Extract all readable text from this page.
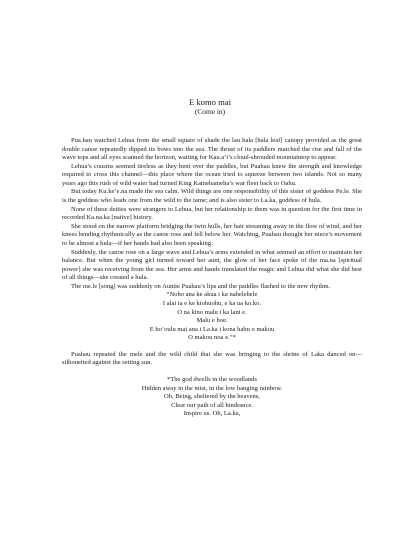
E komo mai
(Come in)

Pua.hau watched Lehua from the small square of shade the lau hala [hala leaf] canopy provided as the great double canoe repeatedly dipped its bows into the sea. The thrust of its paddlers matched the rise and fall of the wave tops and all eyes scanned the horizon, waiting for Kau.a’i’s cloud-shrouded mountaintop to appear.

Lehua’s cousins seemed tireless as they bent over the paddles, but Puahau knew the strength and knowledge required to cross this channel—this place where the ocean tried to squeeze between two islands. Not so many years ago this rush of wild water had turned King Kamehameha’s war fleet back to Oahu.

But today Ku.ke’e.na made the sea calm. Wild things are one responsibility of this sister of goddess Pe.le. She is the goddess who leads one from the wild to the tame; and is also sister to La.ka, goddess of hula.

None of these deities were strangers to Lehua, but her relationship to them was in question for the first time in recorded Ka.na.ka [native] history.

She stood on the narrow platform bridging the twin hulls, her hair streaming away in the flow of wind, and her knees bending rhythmically as the canoe rose and fell below her. Watching, Puahau thought her niece’s movement to be almost a hula—if her hands had also been speaking.

Suddenly, the canoe rose on a large wave and Lehua’s arms extended in what seemed an effort to maintain her balance. But when the young girl turned toward her aunt, the glow of her face spoke of the ma.na [spiritual power] she was receiving from the sea. Her arms and hands translated the magic and Lehua did what she did best of all things—she created a hula.

The me.le [song] was suddenly on Auntie Puahau’s lips and the paddles flashed to the new rhythm.

“Noho ana ke akua i ka nahelehele
I alai ia e ke kiohuohu, e ka ua ko.ko.
O na kino malu i ka lani e.
Malu e hoe.
E ho’oulu mai ana i La.ka i kona habu o makou
O makou noa e.”*

Puahau repeated the mele and the wild child that she was bringing to the shrine of Laka danced on—silhouetted against the setting sun.

*The god dwells in the woodlands
Hidden away in the mist, in the low hanging rainbow.
Oh, Being, sheltered by the heavens,
Clear our path of all hindrance.
Inspire us. Oh, La.ka,
